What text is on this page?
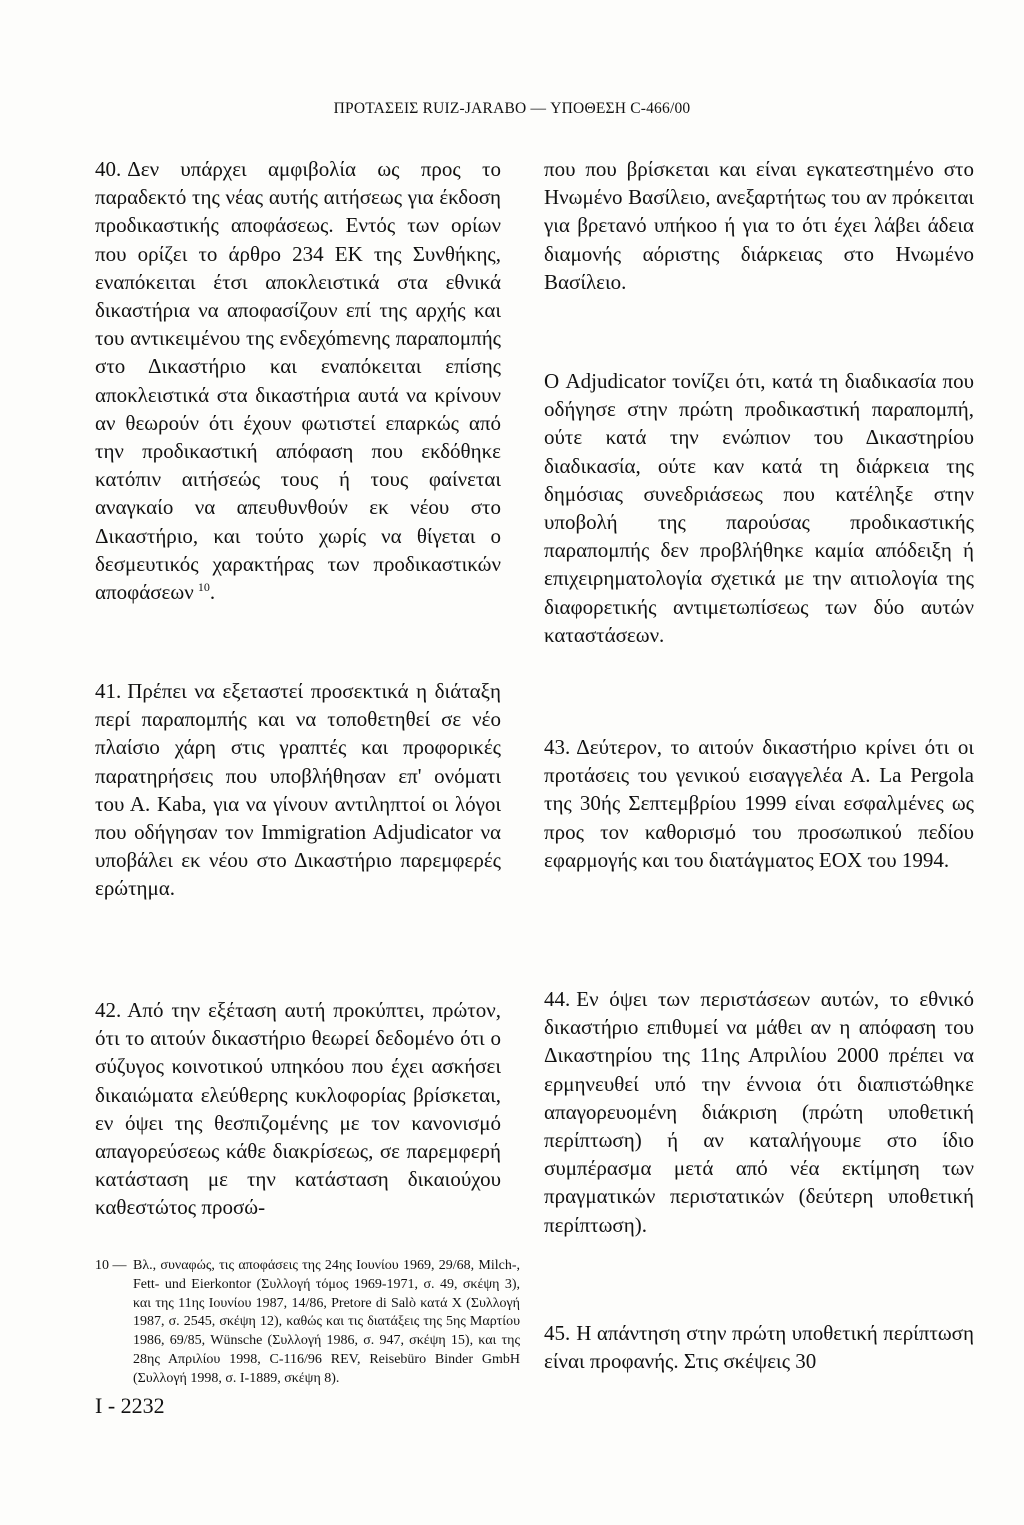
ΠΡΟΤΑΣΕΙΣ RUIZ-JARABO — ΥΠΟΘΕΣΗ C-466/00

40. Δεν υπάρχει αμφιβολία ως προς το παραδεκτό της νέας αυτής αιτήσεως για έκδοση προδικαστικής αποφάσεως. Εντός των ορίων που ορίζει το άρθρο 234 ΕΚ της Συνθήκης, εναπόκειται έτσι αποκλειστικά στα εθνικά δικαστήρια να αποφασίζουν επί της αρχής και του αντικειμένου της ενδεχόmενης παραπομπής στο Δικαστήριο και εναπόκειται επίσης αποκλειστικά στα δικαστήρια αυτά να κρίνουν αν θεωρούν ότι έχουν φωτιστεί επαρκώς από την προδικαστική απόφαση που εκδόθηκε κατόπιν αιτήσεώς τους ή τους φαίνεται αναγκαίο να απευθυνθούν εκ νέου στο Δικαστήριο, και τούτο χωρίς να θίγεται ο δεσμευτικός χαρακτήρας των προδικαστικών αποφάσεων  $^{10}$.

41. Πρέπει να εξεταστεί προσεκτικά η διάταξη περί παραπομπής και να τοποθετηθεί σε νέο πλαίσιο χάρη στις γραπτές και προφορικές παρατηρήσεις που υποβλήθησαν επ' ονόματι του Α. Kaba, για να γίνουν αντιληπτοί οι λόγοι που οδήγησαν τον Immigration Adjudicator να υποβάλει εκ νέου στο Δικαστήριο παρεμφερές ερώτημα.

42. Από την εξέταση αυτή προκύπτει, πρώτον, ότι το αιτούν δικαστήριο θεωρεί δεδομένο ότι ο σύζυγος κοινοτικού υπηκόου που έχει ασκήσει δικαιώματα ελεύθερης κυκλοφορίας βρίσκεται, εν όψει της θεσπιζομένης με τον κανονισμό απαγορεύσεως κάθε διακρίσεως, σε παρεμφερή κατάσταση με την κατάσταση δικαιούχου καθεστώτος προσώ-

που που βρίσκεται και είναι εγκατεστημένο στο Ηνωμένο Βασίλειο, ανεξαρτήτως του αν πρόκειται για βρετανό υπήκοο ή για το ότι έχει λάβει άδεια διαμονής αόριστης διάρκειας στο Ηνωμένο Βασίλειο.

Ο Adjudicator τονίζει ότι, κατά τη διαδικασία που οδήγησε στην πρώτη προδικαστική παραπομπή, ούτε κατά την ενώπιον του Δικαστηρίου διαδικασία, ούτε καν κατά τη διάρκεια της δημόσιας συνεδριάσεως που κατέληξε στην υποβολή της παρούσας προδικαστικής παραπομπής δεν προβλήθηκε καμία απόδειξη ή επιχειρηματολογία σχετικά με την αιτιολογία της διαφορετικής αντιμετωπίσεως των δύο αυτών καταστάσεων.

43. Δεύτερον, το αιτούν δικαστήριο κρίνει ότι οι προτάσεις του γενικού εισαγγελέα Α. La Pergola της 30ής Σεπτεμβρίου 1999 είναι εσφαλμένες ως προς τον καθορισμό του προσωπικού πεδίου εφαρμογής και του διατάγματος ΕΟΧ του 1994.

44. Εν όψει των περιστάσεων αυτών, το εθνικό δικαστήριο επιθυμεί να μάθει αν η απόφαση του Δικαστηρίου της 11ης Απριλίου 2000 πρέπει να ερμηνευθεί υπό την έννοια ότι διαπιστώθηκε απαγορευομένη διάκριση (πρώτη υποθετική περίπτωση) ή αν καταλήγουμε στο ίδιο συμπέρασμα μετά από νέα εκτίμηση των πραγματικών περιστατικών (δεύτερη υποθετική περίπτωση).

45. Η απάντηση στην πρώτη υποθετική περίπτωση είναι προφανής. Στις σκέψεις 30

10 — Βλ., συναφώς, τις αποφάσεις της 24ης Ιουνίου 1969, 29/68, Milch-, Fett- und Eierkontor (Συλλογή τόμος 1969-1971, σ. 49, σκέψη 3), και της 11ης Ιουνίου 1987, 14/86, Pretore di Salò κατά Χ (Συλλογή 1987, σ. 2545, σκέψη 12), καθώς και τις διατάξεις της 5ης Μαρτίου 1986, 69/85, Wünsche (Συλλογή 1986, σ. 947, σκέψη 15), και της 28ης Απριλίου 1998, C-116/96 REV, Reisebüro Binder GmbH (Συλλογή 1998, σ. I-1889, σκέψη 8).
I - 2232
